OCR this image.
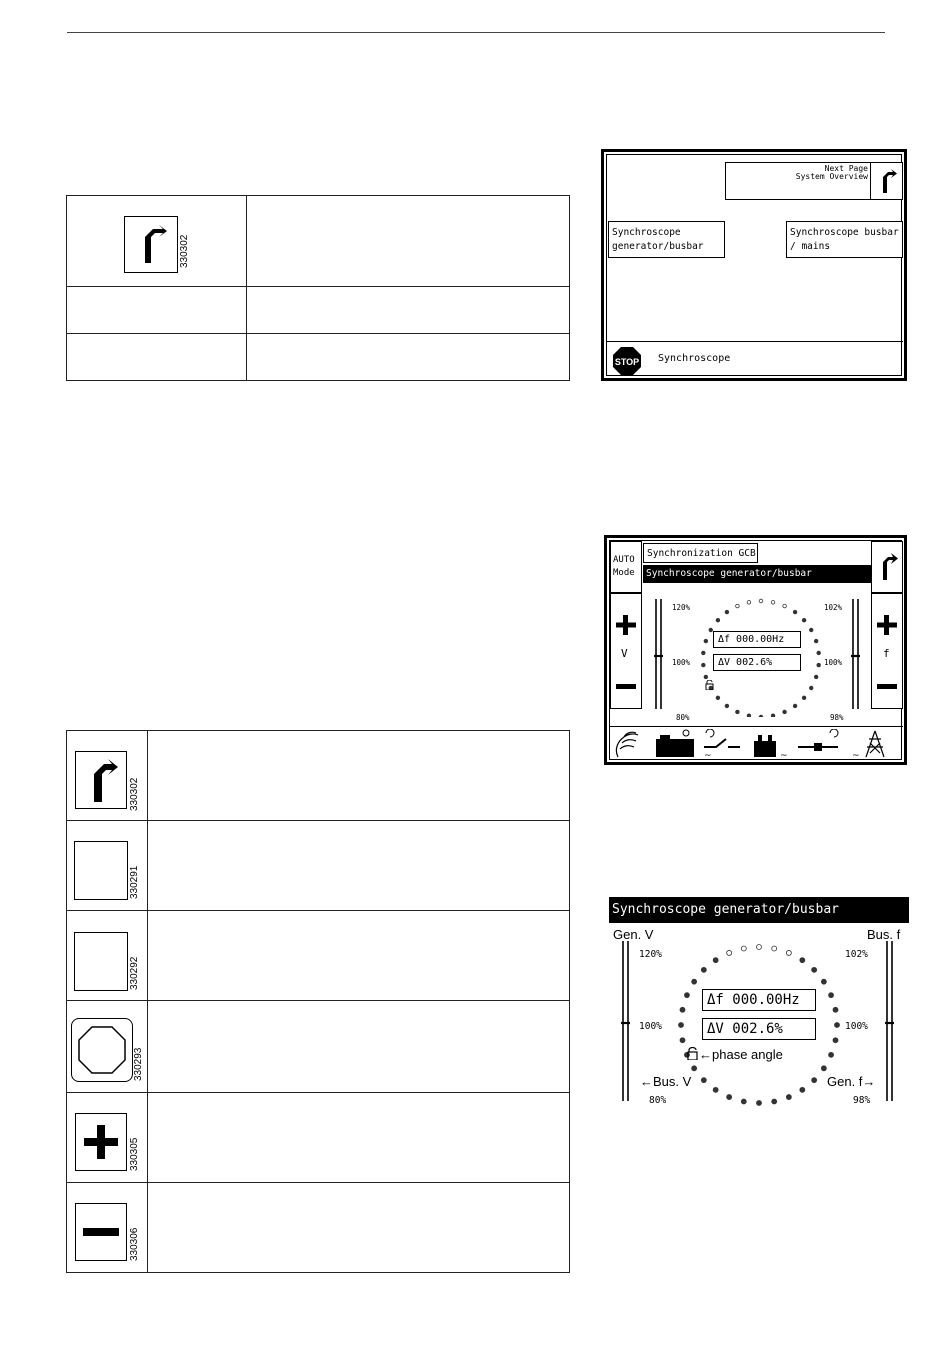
330302	

330302	

330291	

330292	

330293	

330305	

330306	

Next Page
System Overview
Synchroscope
generator/busbar
Synchroscope busbar
/ mains
STOP Synchroscope
AUTO
Mode
V	f
Synchronization GCB
Synchroscope generator/busbar
120%
100%
80%
102%
100%
98%
Δf 000.00Hz
ΔV 002.6%
~	~	~
Synchroscope generator/busbar
Gen. V	Bus. f
120%
100%
80%
102%
100%
98%
Δf 000.00Hz
ΔV 002.6%
←phase angle
←Bus. V	Gen. f→
